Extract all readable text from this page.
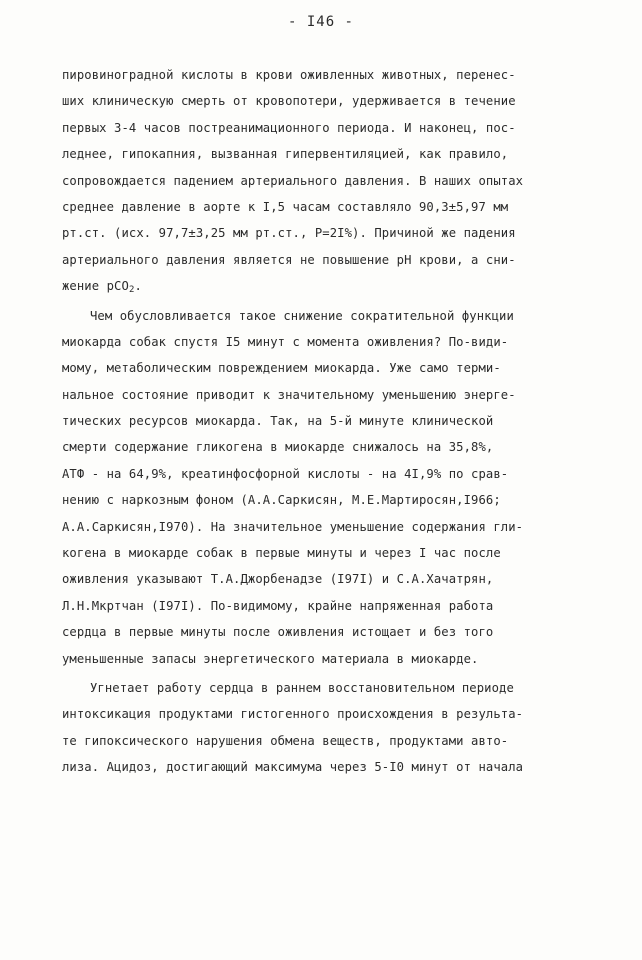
- I46 -
пировиноградной кислоты в крови оживленных животных, перенес-
ших клиническую смерть от кровопотери, удерживается в течение
первых 3-4 часов постреанимационного периода. И наконец, пос-
леднее, гипокапния, вызванная гипервентиляцией, как правило,
сопровождается падением артериального давления. В наших опытах
среднее давление в аорте к I,5 часам составляло 90,3±5,97 мм
рт.ст. (исх. 97,7±3,25 мм рт.ст., Р=2I%). Причиной же падения
артериального давления является не повышение рН крови, а сни-
жение pCO$_2$.
Чем обусловливается такое снижение сократительной функции
миокарда собак спустя I5 минут с момента оживления? По-види-
мому, метаболическим повреждением миокарда. Уже само терми-
нальное состояние приводит к значительному уменьшению энерге-
тических ресурсов миокарда. Так, на 5-й минуте клинической
смерти содержание гликогена в миокарде снижалось на 35,8%,
АТФ - на 64,9%, креатинфосфорной кислоты - на 4I,9% по срав-
нению с наркозным фоном (А.А.Саркисян, М.Е.Мартиросян,I966;
А.А.Саркисян,I970). На значительное уменьшение содержания гли-
когена в миокарде собак в первые минуты и через I час после
оживления указывают Т.А.Джорбенадзе (I97I) и С.А.Хачатрян,
Л.Н.Мкртчан (I97I). По-видимому, крайне напряженная работа
сердца в первые минуты после оживления истощает и без того
уменьшенные запасы энергетического материала в миокарде.
Угнетает работу сердца в раннем восстановительном периоде
интоксикация продуктами гистогенного происхождения в результа-
те гипоксического нарушения обмена веществ, продуктами авто-
лиза. Ацидоз, достигающий максимума через 5-I0 минут от начала
